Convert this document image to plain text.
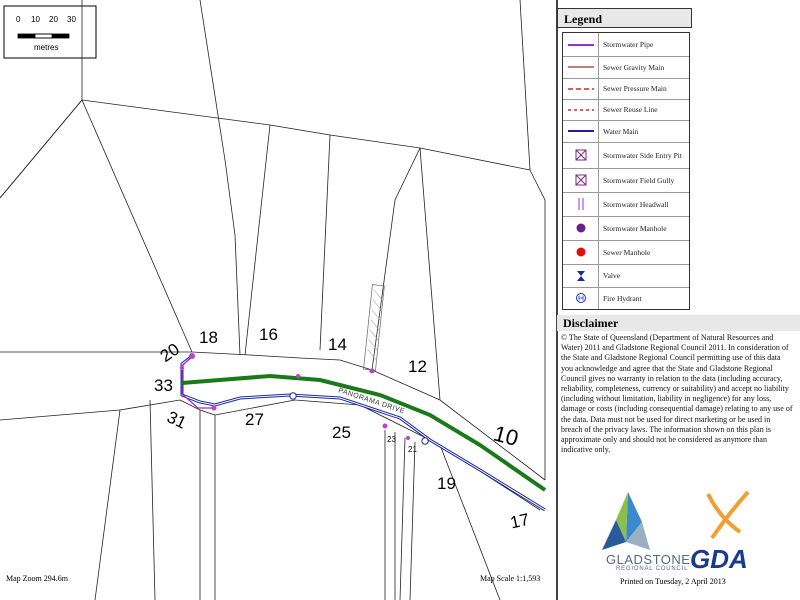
0 10 20 30
metres
PANORAMA DRIVE
20
18 16
14
12
10
33
31	27
25	23
21
19
17
Map Zoom 294.6m	Map Scale 1:1,593
Legend
Stormwater Pipe
Sewer Gravity Main
Sewer Pressure Main
Sewer Reuse Line
Water Main
Stormwater Side Entry Pit
Stormwater Field Gully
Stormwater Headwall
Stormwater Manhole
Sewer Manhole
Valve
Fire Hydrant
Disclaimer
© The State of Queensland (Department of Natural Resources and Water) 2011 and Gladstone Regional Council 2011. In consideration of the State and Gladstone Regional Council permitting use of this data you acknowledge and agree that the State and Gladstone Regional Council gives no warranty in relation to the data (including accuracy, reliability, completeness, currency or suitability) and accept no liability (including without limitation, liability in negligence) for any loss, damage or costs (including consequential damage) relating to any use of the data. Data must not be used for direct marketing or be used in breach of the privacy laws. The information shown on this plan is approximate only and should not be considered as anymore than indicative only.
GLADSTONE
REGIONAL COUNCIL GDA
Printed on Tuesday, 2 April 2013
